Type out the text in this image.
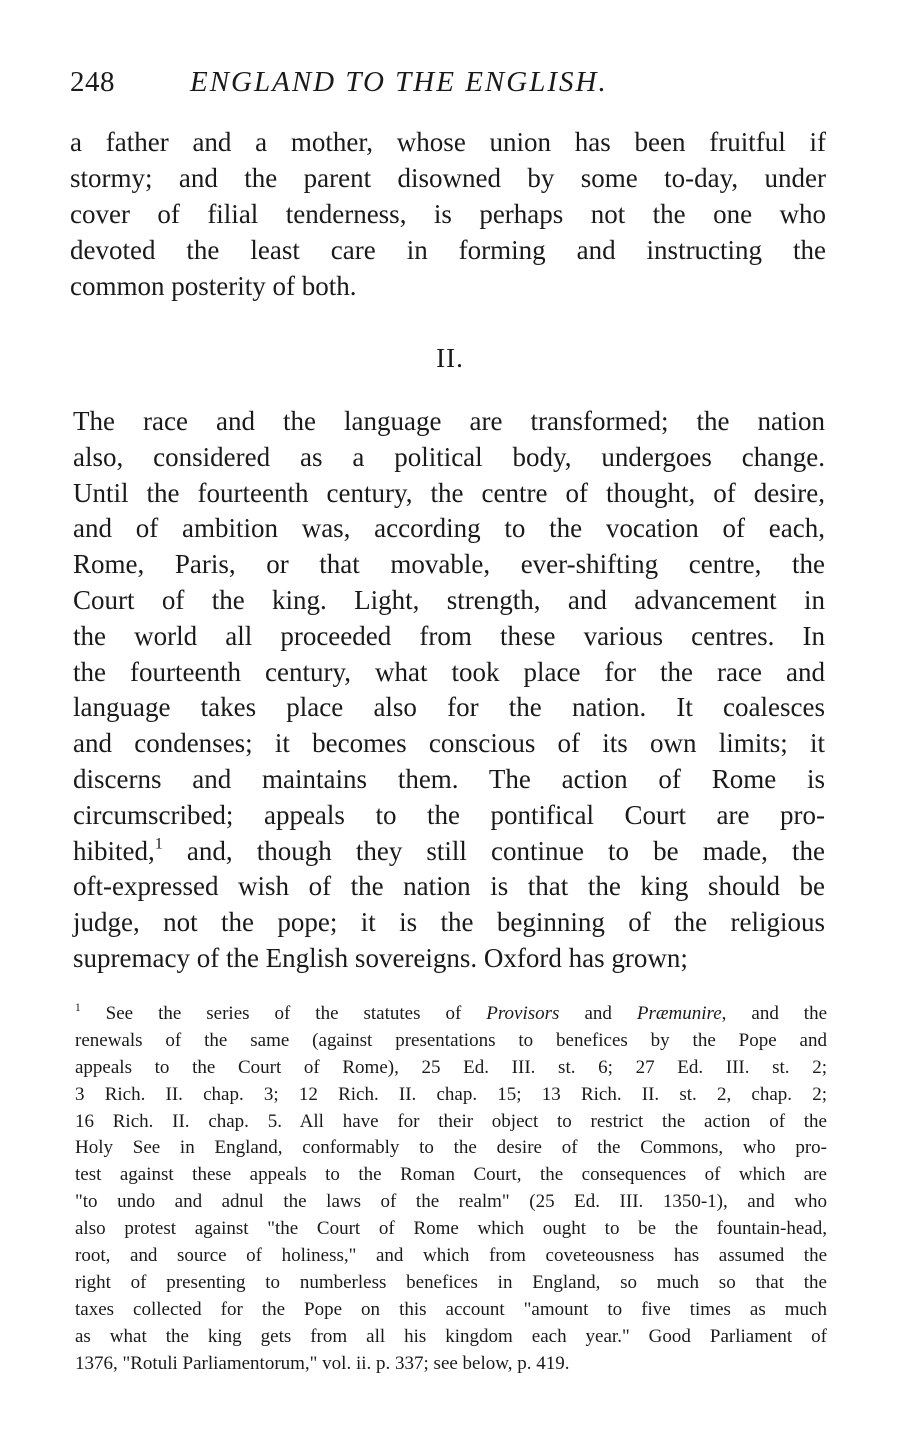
248	ENGLAND TO THE ENGLISH.
a father and a mother, whose union has been fruitful if
stormy; and the parent disowned by some to-day, under
cover of filial tenderness, is perhaps not the one who
devoted the least care in forming and instructing the
common posterity of both.
II.
The race and the language are transformed; the nation
also, considered as a political body, undergoes change.
Until the fourteenth century, the centre of thought, of desire,
and of ambition was, according to the vocation of each,
Rome, Paris, or that movable, ever-shifting centre, the
Court of the king. Light, strength, and advancement in
the world all proceeded from these various centres. In
the fourteenth century, what took place for the race and
language takes place also for the nation. It coalesces
and condenses; it becomes conscious of its own limits; it
discerns and maintains them. The action of Rome is
circumscribed; appeals to the pontifical Court are pro-
hibited,$^1$ and, though they still continue to be made, the
oft-expressed wish of the nation is that the king should be
judge, not the pope; it is the beginning of the religious
supremacy of the English sovereigns. Oxford has grown;
$^1$ See the series of the statutes of Provisors and Præmunire, and the
renewals of the same (against presentations to benefices by the Pope and
appeals to the Court of Rome), 25 Ed. III. st. 6; 27 Ed. III. st. 2;
3 Rich. II. chap. 3; 12 Rich. II. chap. 15; 13 Rich. II. st. 2, chap. 2;
16 Rich. II. chap. 5. All have for their object to restrict the action of the
Holy See in England, conformably to the desire of the Commons, who pro-
test against these appeals to the Roman Court, the consequences of which are
"to undo and adnul the laws of the realm" (25 Ed. III. 1350-1), and who
also protest against "the Court of Rome which ought to be the fountain-head,
root, and source of holiness," and which from coveteousness has assumed the
right of presenting to numberless benefices in England, so much so that the
taxes collected for the Pope on this account "amount to five times as much
as what the king gets from all his kingdom each year." Good Parliament of
1376, "Rotuli Parliamentorum," vol. ii. p. 337; see below, p. 419.
